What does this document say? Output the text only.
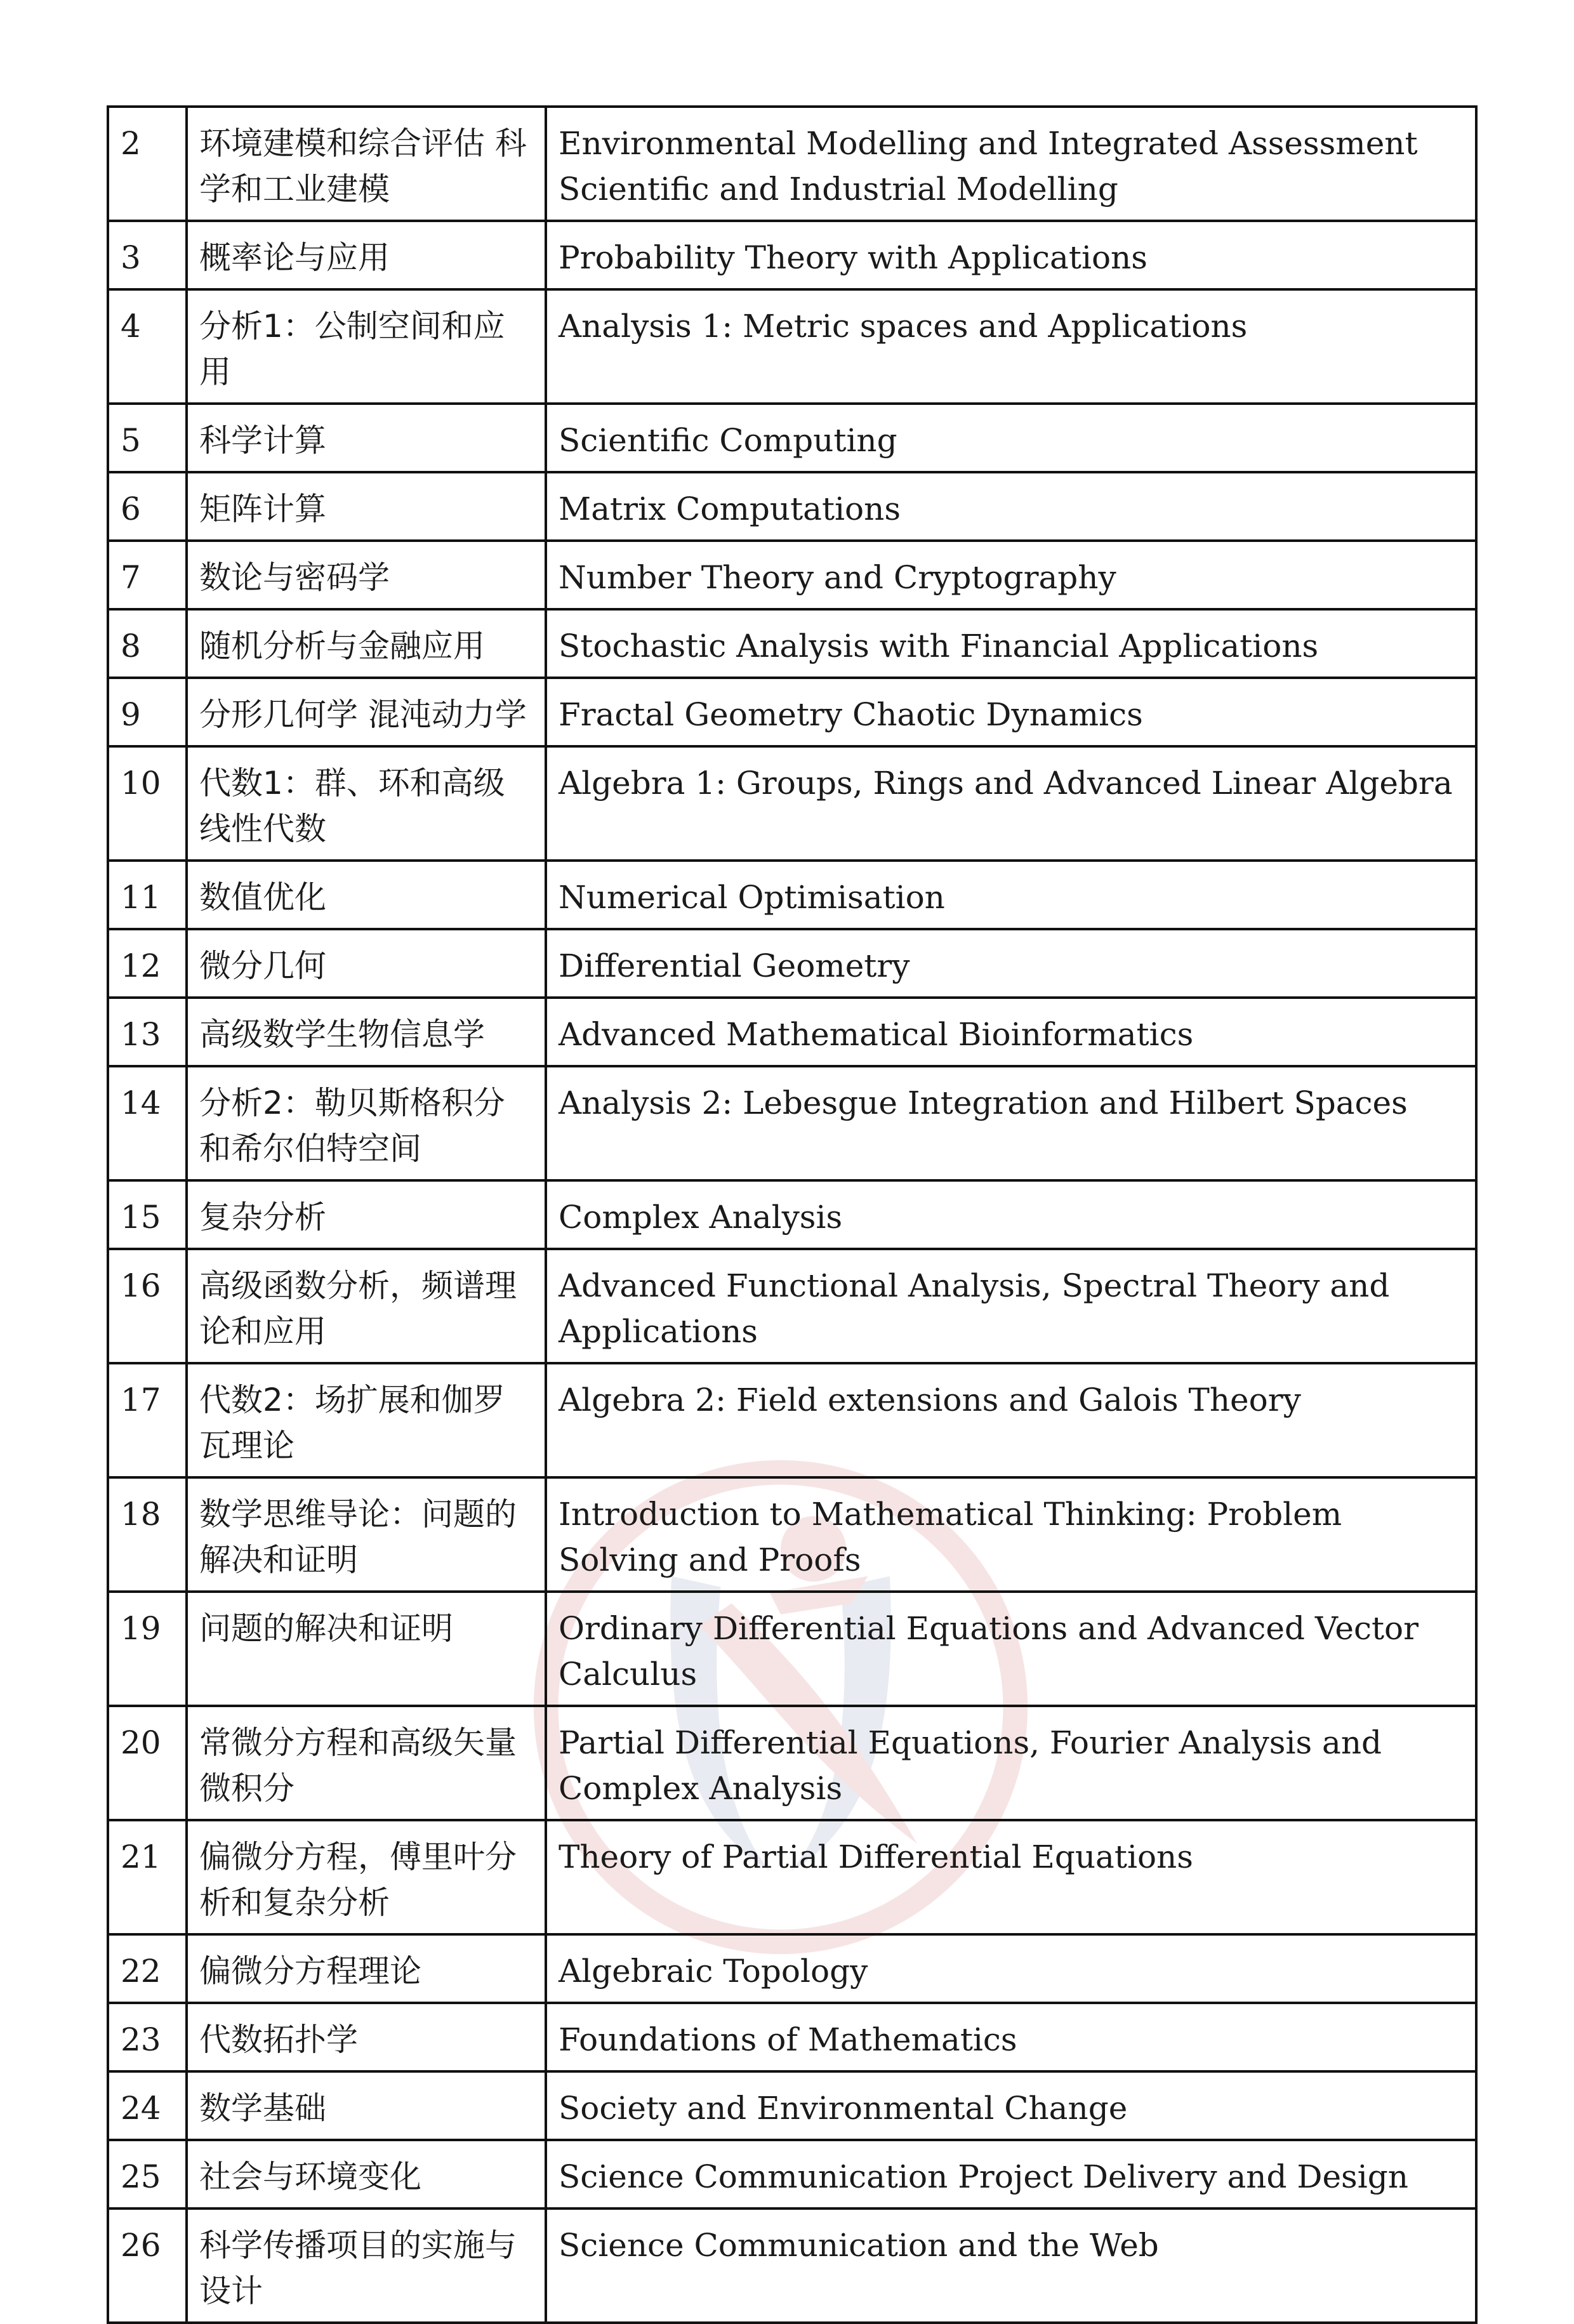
2	环境建模和综合评估 科学和工业建模	Environmental Modelling and Integrated Assessment Scientific and Industrial Modelling
3	概率论与应用	Probability Theory with Applications
4	分析1：公制空间和应用	Analysis 1: Metric spaces and Applications
5	科学计算	Scientific Computing
6	矩阵计算	Matrix Computations
7	数论与密码学	Number Theory and Cryptography
8	随机分析与金融应用	Stochastic Analysis with Financial Applications
9	分形几何学 混沌动力学	Fractal Geometry Chaotic Dynamics
10	代数1：群、环和高级线性代数	Algebra 1: Groups, Rings and Advanced Linear Algebra
11	数值优化	Numerical Optimisation
12	微分几何	Differential Geometry
13	高级数学生物信息学	Advanced Mathematical Bioinformatics
14	分析2：勒贝斯格积分和希尔伯特空间	Analysis 2: Lebesgue Integration and Hilbert Spaces
15	复杂分析	Complex Analysis
16	高级函数分析，频谱理论和应用	Advanced Functional Analysis, Spectral Theory and Applications
17	代数2：场扩展和伽罗瓦理论	Algebra 2: Field extensions and Galois Theory
18	数学思维导论：问题的解决和证明	Introduction to Mathematical Thinking: Problem Solving and Proofs
19	问题的解决和证明	Ordinary Differential Equations and Advanced Vector Calculus
20	常微分方程和高级矢量微积分	Partial Differential Equations, Fourier Analysis and Complex Analysis
21	偏微分方程，傅里叶分析和复杂分析	Theory of Partial Differential Equations
22	偏微分方程理论	Algebraic Topology
23	代数拓扑学	Foundations of Mathematics
24	数学基础	Society and Environmental Change
25	社会与环境变化	Science Communication Project Delivery and Design
26	科学传播项目的实施与设计	Science Communication and the Web
